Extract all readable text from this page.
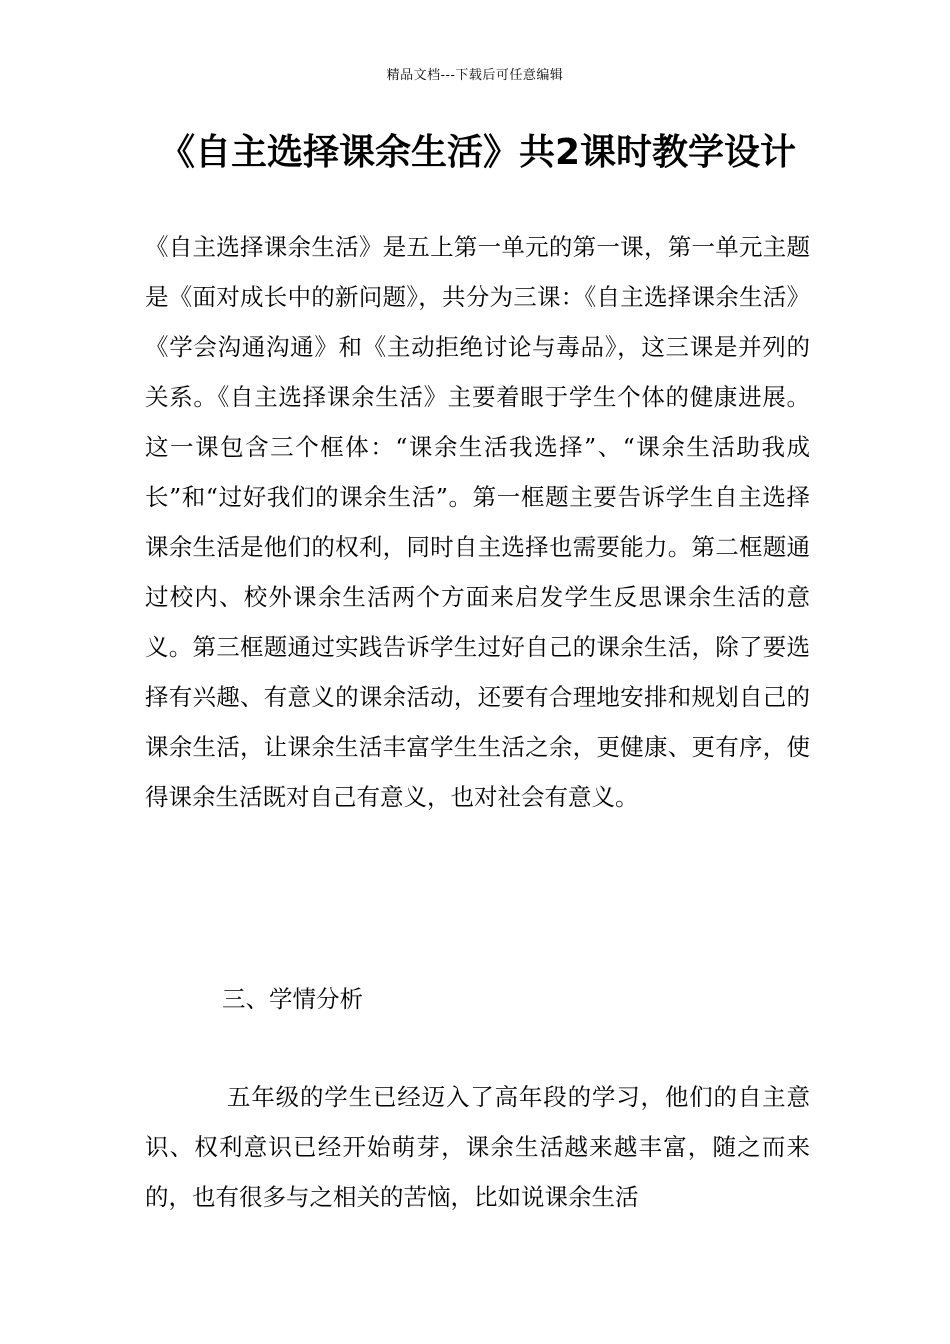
精品文档---下载后可任意编辑
《自主选择课余生活》共2课时教学设计

《自主选择课余生活》是五上第一单元的第一课，第一单元主题是《面对成长中的新问题》，共分为三课：《自主选择课余生活》《学会沟通沟通》和《主动拒绝讨论与毒品》，这三课是并列的关系。《自主选择课余生活》主要着眼于学生个体的健康进展。这一课包含三个框体：“课余生活我选择”、“课余生活助我成长”和“过好我们的课余生活”。第一框题主要告诉学生自主选择课余生活是他们的权利，同时自主选择也需要能力。第二框题通过校内、校外课余生活两个方面来启发学生反思课余生活的意义。第三框题通过实践告诉学生过好自己的课余生活，除了要选择有兴趣、有意义的课余活动，还要有合理地安排和规划自己的课余生活，让课余生活丰富学生生活之余，更健康、更有序，使得课余生活既对自己有意义，也对社会有意义。

三、学情分析

五年级的学生已经迈入了高年段的学习，他们的自主意识、权利意识已经开始萌芽，课余生活越来越丰富，随之而来的，也有很多与之相关的苦恼，比如说课余生活
